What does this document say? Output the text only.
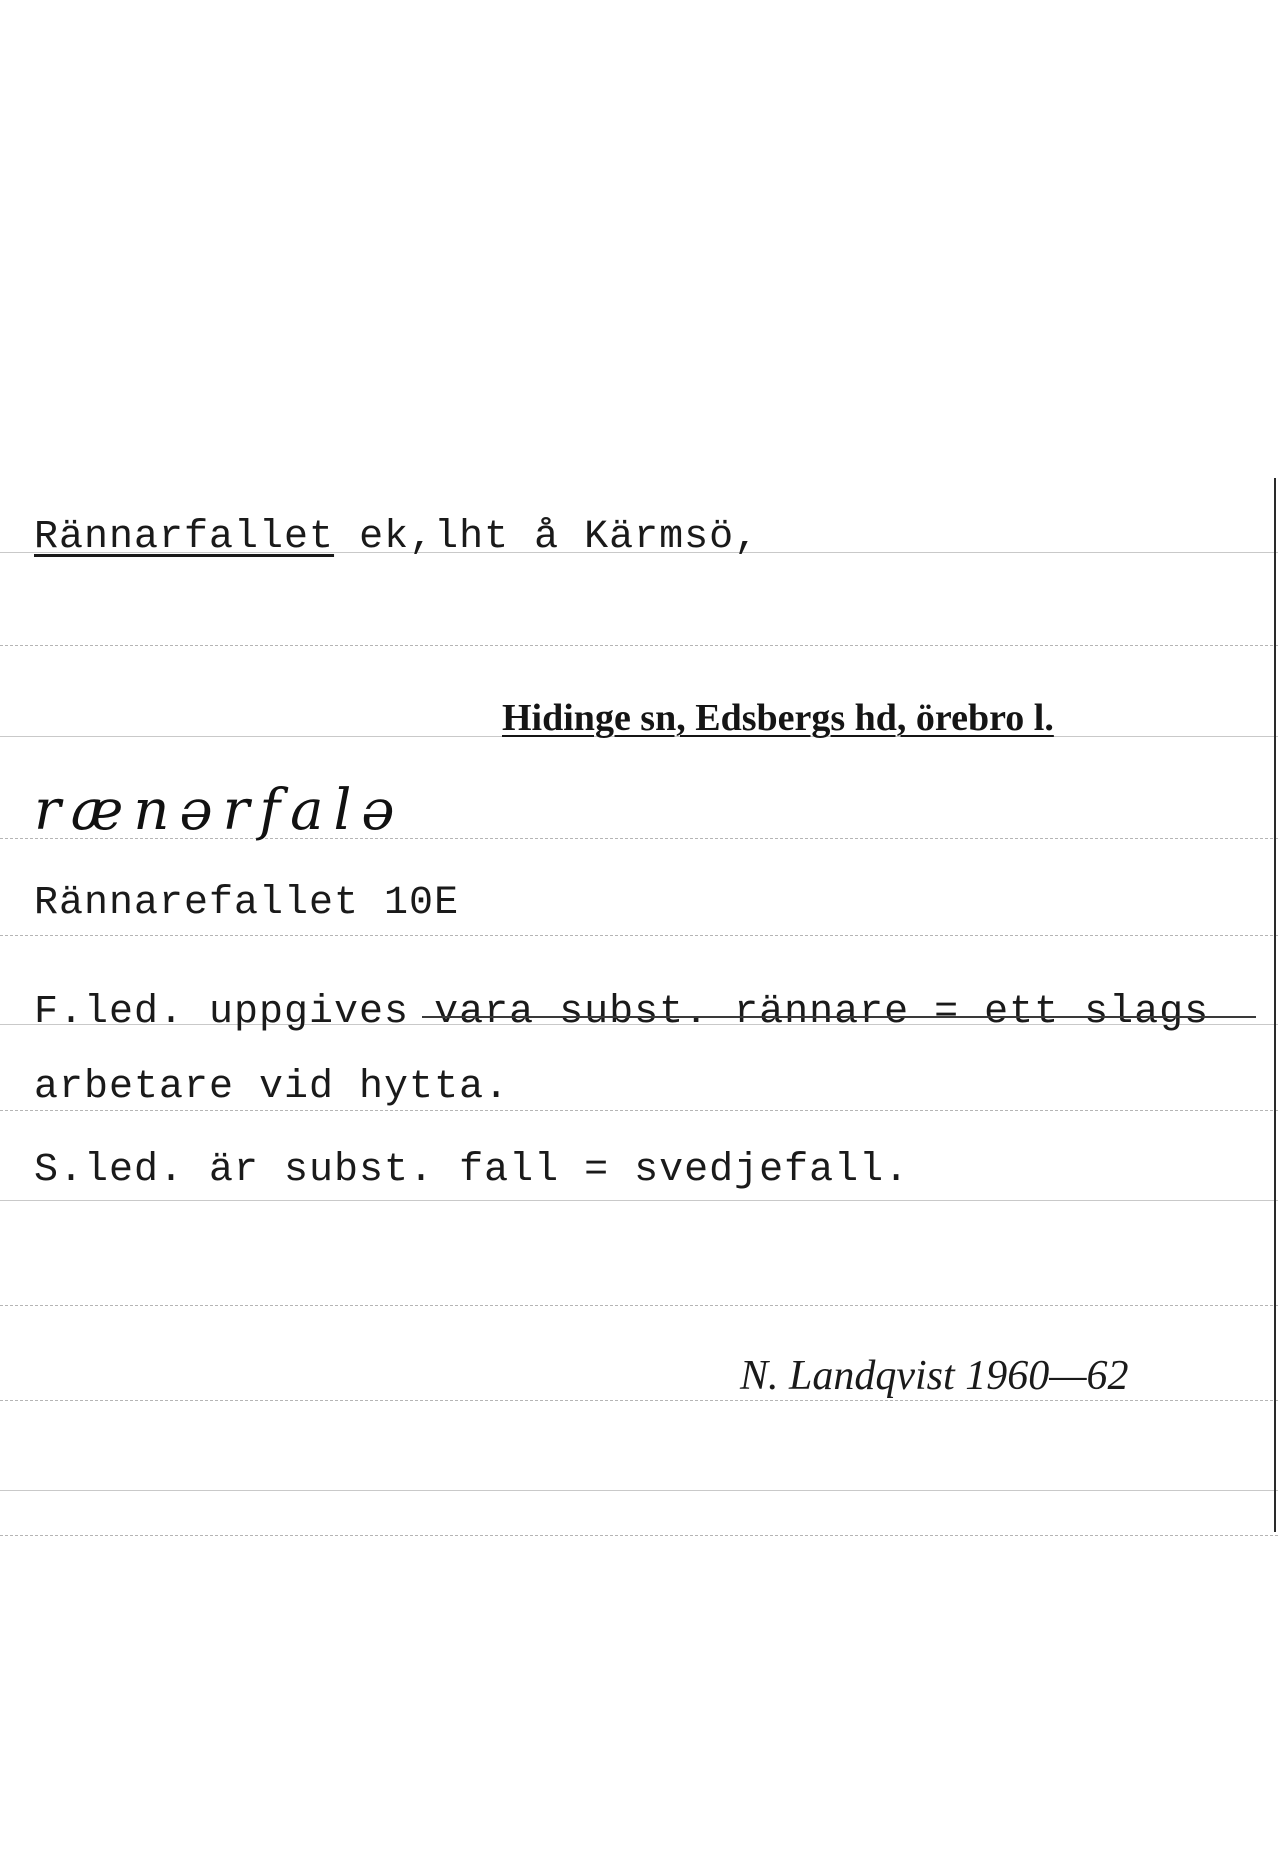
Rännarfallet ek,lht å Kärmsö,
Hidinge sn, Edsbergs hd, örebro l.
rænərfalə
Rännarefallet 10E
F.led. uppgives vara subst. rännare = ett slags
arbetare vid hytta.
S.led. är subst. fall = svedjefall.
N. Landqvist 1960—62
